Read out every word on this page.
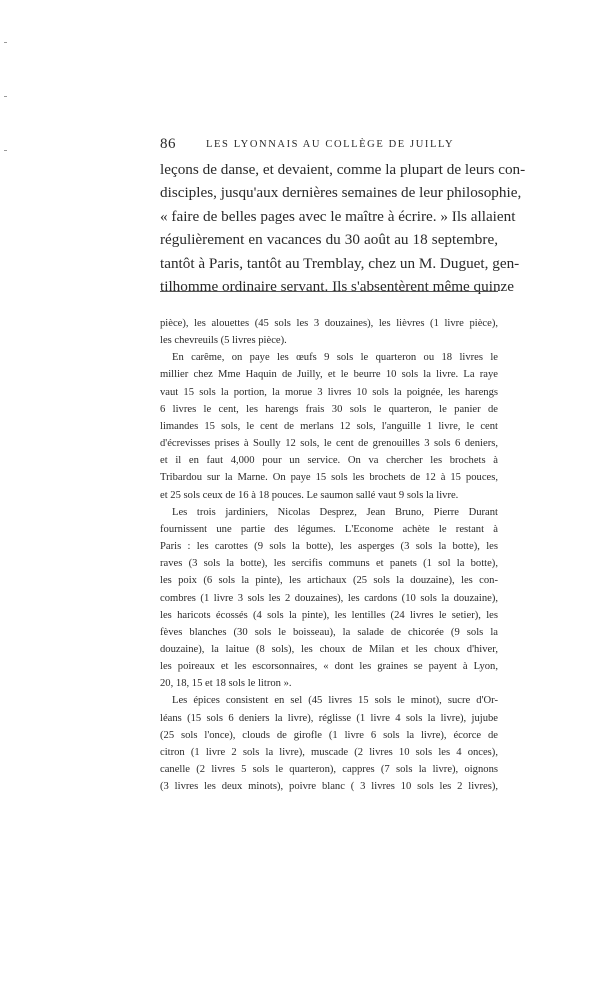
86	LES LYONNAIS AU COLLÈGE DE JUILLY
leçons de danse, et devaient, comme la plupart de leurs con-
disciples, jusqu'aux dernières semaines de leur philosophie,
« faire de belles pages avec le maître à écrire. » Ils allaient
régulièrement en vacances du 30 août au 18 septembre,
tantôt à Paris, tantôt au Tremblay, chez un M. Duguet, gen-
tilhomme ordinaire servant. Ils s'absentèrent même quinze
pièce), les alouettes (45 sols les 3 douzaines), les lièvres (1 livre pièce),
les chevreuils (5 livres pièce).
En carême, on paye les œufs 9 sols le quarteron ou 18 livres le
millier chez Mme Haquin de Juilly, et le beurre 10 sols la livre. La raye
vaut 15 sols la portion, la morue 3 livres 10 sols la poignée, les harengs
6 livres le cent, les harengs frais 30 sols le quarteron, le panier de
limandes 15 sols, le cent de merlans 12 sols, l'anguille 1 livre, le cent
d'écrevisses prises à Soully 12 sols, le cent de grenouilles 3 sols 6 deniers,
et il en faut 4,000 pour un service. On va chercher les brochets à
Tribardou sur la Marne. On paye 15 sols les brochets de 12 à 15 pouces,
et 25 sols ceux de 16 à 18 pouces. Le saumon sallé vaut 9 sols la livre.
Les trois jardiniers, Nicolas Desprez, Jean Bruno, Pierre Durant
fournissent une partie des légumes. L'Econome achète le restant à
Paris : les carottes (9 sols la botte), les asperges (3 sols la botte), les
raves (3 sols la botte), les sercifis communs et panets (1 sol la botte),
les poix (6 sols la pinte), les artichaux (25 sols la douzaine), les con-
combres (1 livre 3 sols les 2 douzaines), les cardons (10 sols la douzaine),
les haricots écossés (4 sols la pinte), les lentilles (24 livres le setier), les
fèves blanches (30 sols le boisseau), la salade de chicorée (9 sols la
douzaine), la laitue (8 sols), les choux de Milan et les choux d'hiver,
les poireaux et les escorsonnaires, « dont les graines se payent à Lyon,
20, 18, 15 et 18 sols le litron ».
Les épices consistent en sel (45 livres 15 sols le minot), sucre d'Or-
léans (15 sols 6 deniers la livre), réglisse (1 livre 4 sols la livre), jujube
(25 sols l'once), clouds de girofle (1 livre 6 sols la livre), écorce de
citron (1 livre 2 sols la livre), muscade (2 livres 10 sols les 4 onces),
canelle (2 livres 5 sols le quarteron), cappres (7 sols la livre), oignons
(3 livres les deux minots), poivre blanc ( 3 livres 10 sols les 2 livres),
